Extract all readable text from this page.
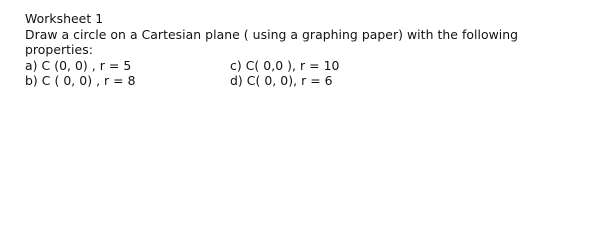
Worksheet 1
Draw a circle on a Cartesian plane ( using a graphing paper) with the following
properties:
a) C (0, 0) , r = 5	c) C( 0,0 ), r = 10
b) C ( 0, 0) , r = 8	d) C( 0, 0), r = 6
